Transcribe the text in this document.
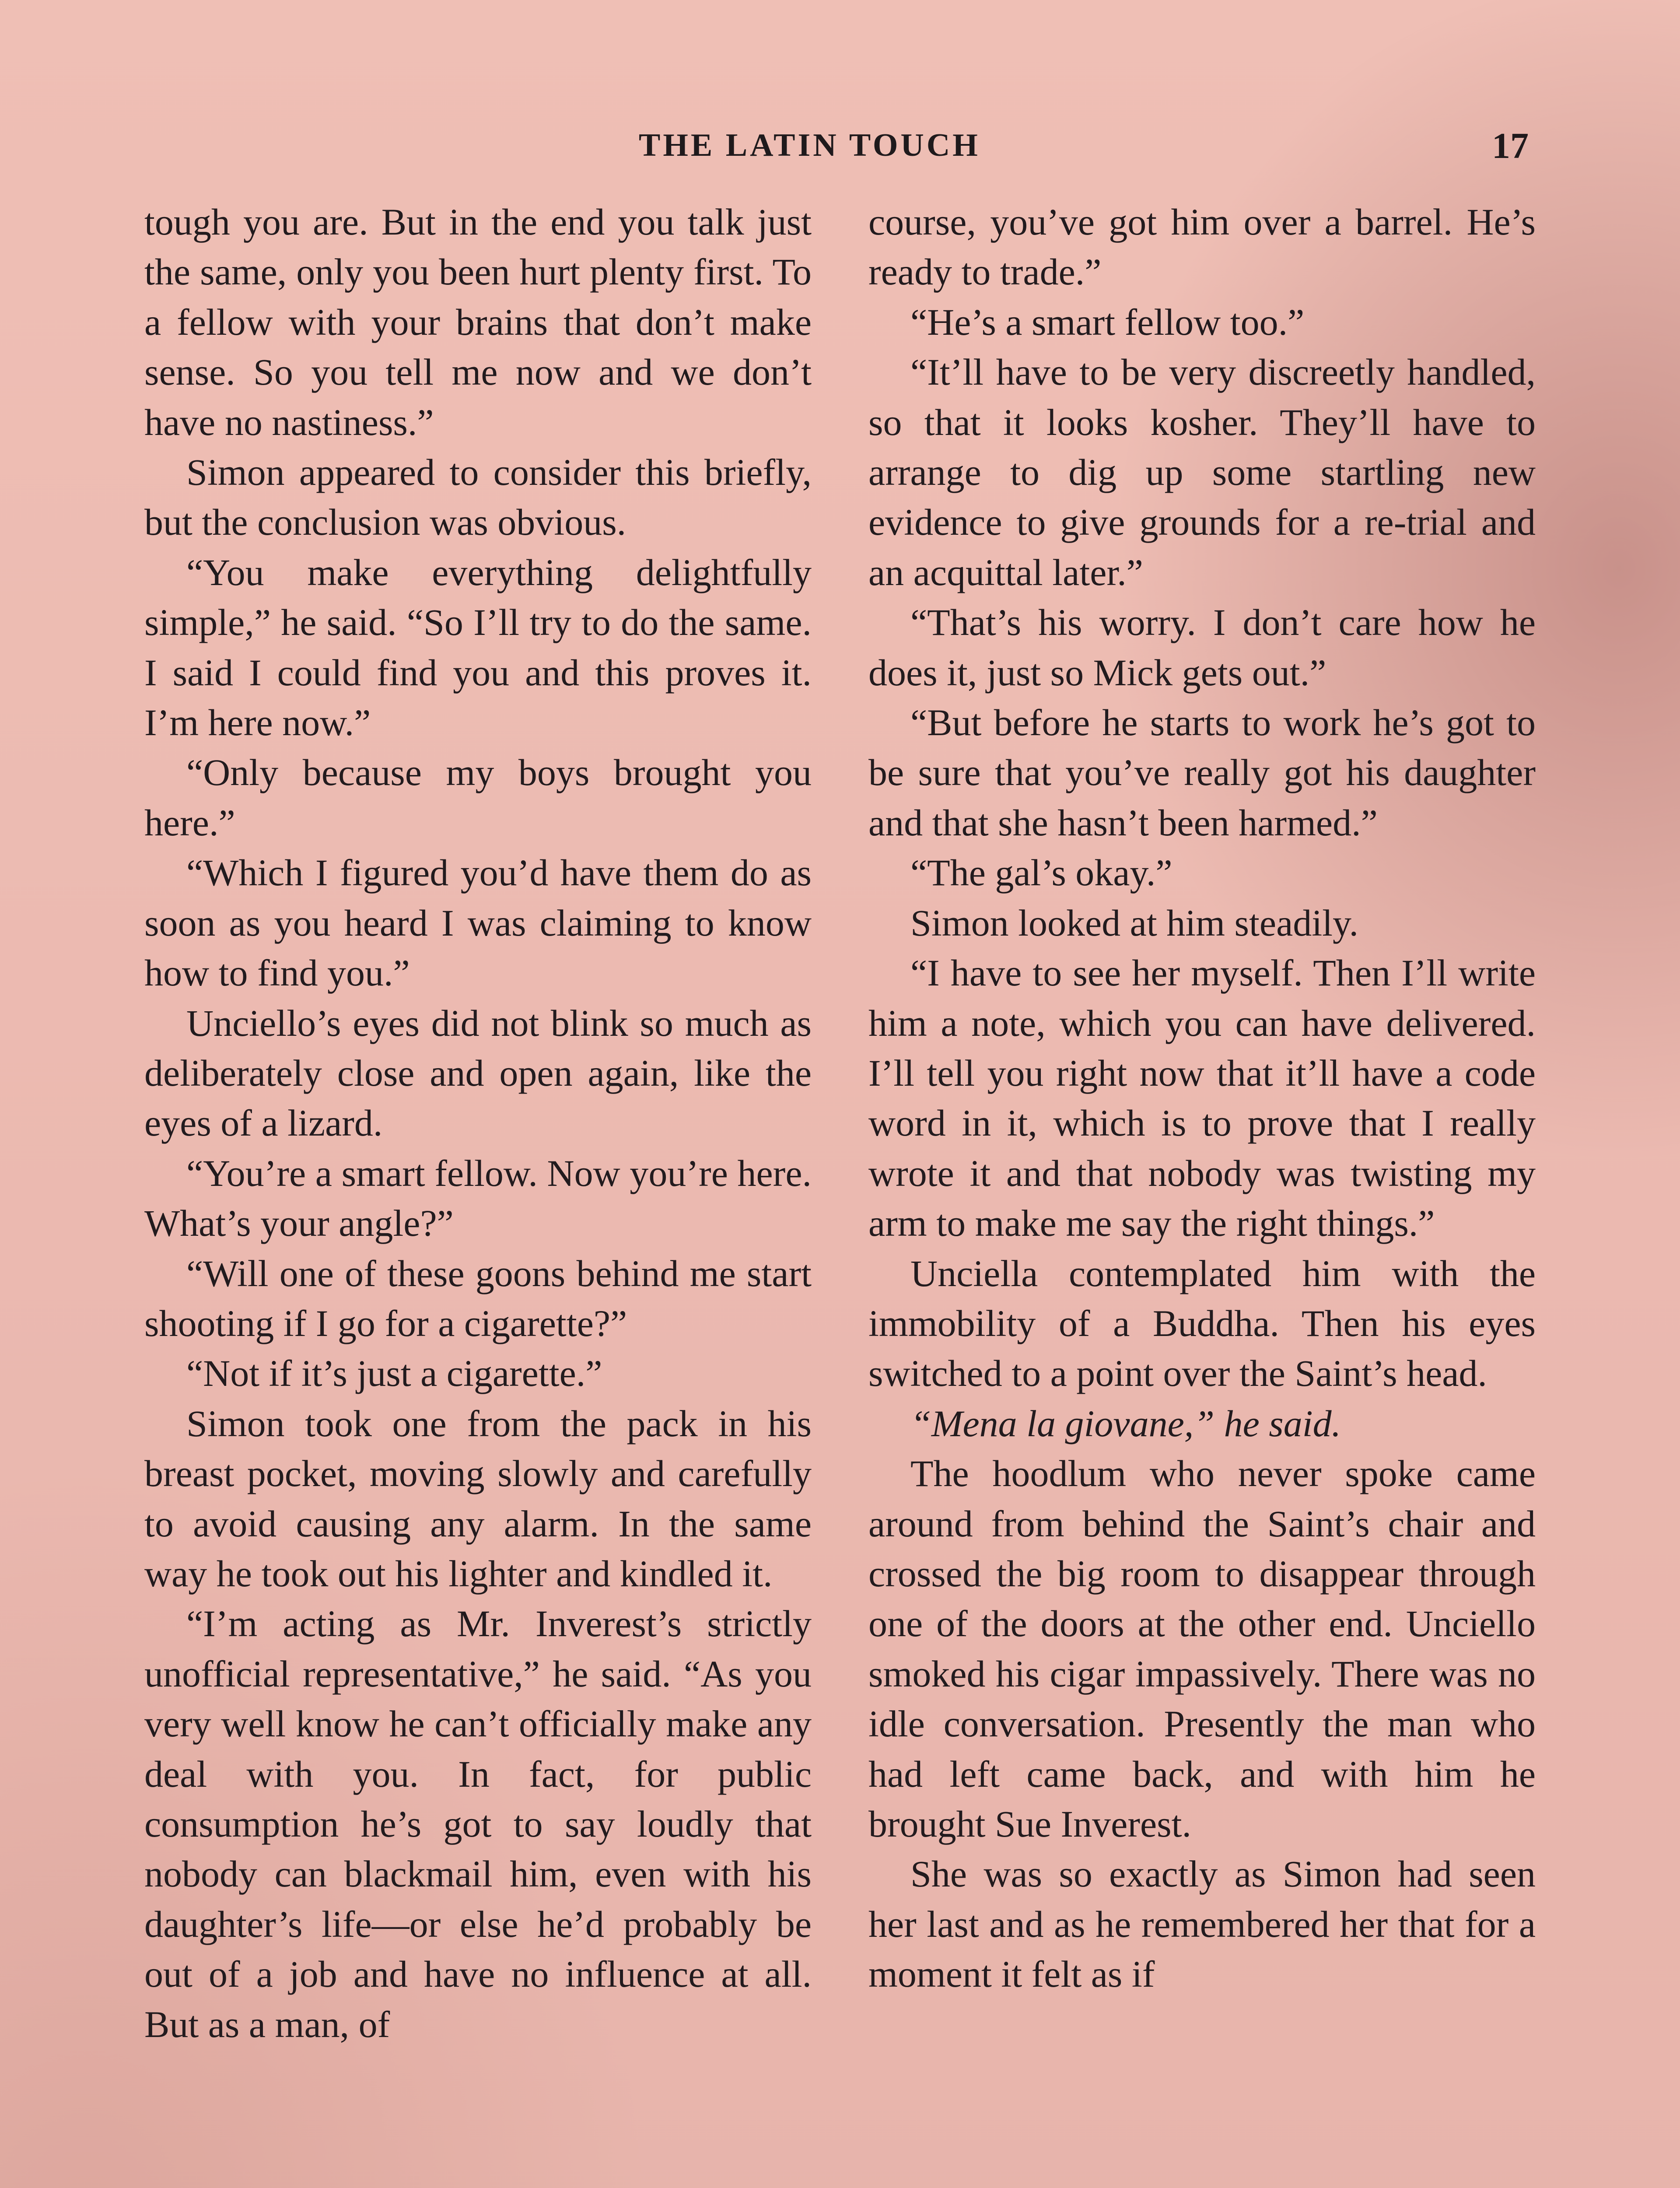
THE LATIN TOUCH	17

tough you are. But in the end you talk just the same, only you been hurt plenty first. To a fellow with your brains that don’t make sense. So you tell me now and we don’t have no nastiness.”

Simon appeared to consider this briefly, but the conclusion was obvious.

“You make everything delightfully simple,” he said. “So I’ll try to do the same. I said I could find you and this proves it. I’m here now.”

“Only because my boys brought you here.”

“Which I figured you’d have them do as soon as you heard I was claiming to know how to find you.”

Unciello’s eyes did not blink so much as deliberately close and open again, like the eyes of a lizard.

“You’re a smart fellow. Now you’re here. What’s your angle?”

“Will one of these goons behind me start shooting if I go for a cigarette?”

“Not if it’s just a cigarette.”

Simon took one from the pack in his breast pocket, moving slowly and carefully to avoid causing any alarm. In the same way he took out his lighter and kindled it.

“I’m acting as Mr. Inverest’s strictly unofficial representative,” he said. “As you very well know he can’t officially make any deal with you. In fact, for public consumption he’s got to say loudly that nobody can blackmail him, even with his daughter’s life—or else he’d probably be out of a job and have no influence at all. But as a man, of

course, you’ve got him over a barrel. He’s ready to trade.”

“He’s a smart fellow too.”

“It’ll have to be very discreetly handled, so that it looks kosher. They’ll have to arrange to dig up some startling new evidence to give grounds for a re-trial and an acquittal later.”

“That’s his worry. I don’t care how he does it, just so Mick gets out.”

“But before he starts to work he’s got to be sure that you’ve really got his daughter and that she hasn’t been harmed.”

“The gal’s okay.”

Simon looked at him steadily.

“I have to see her myself. Then I’ll write him a note, which you can have delivered. I’ll tell you right now that it’ll have a code word in it, which is to prove that I really wrote it and that nobody was twisting my arm to make me say the right things.”

Unciella contemplated him with the immobility of a Buddha. Then his eyes switched to a point over the Saint’s head.

“Mena la giovane,” he said.

The hoodlum who never spoke came around from behind the Saint’s chair and crossed the big room to disappear through one of the doors at the other end. Unciello smoked his cigar impassively. There was no idle conversation. Presently the man who had left came back, and with him he brought Sue Inverest.

She was so exactly as Simon had seen her last and as he remembered her that for a moment it felt as if
